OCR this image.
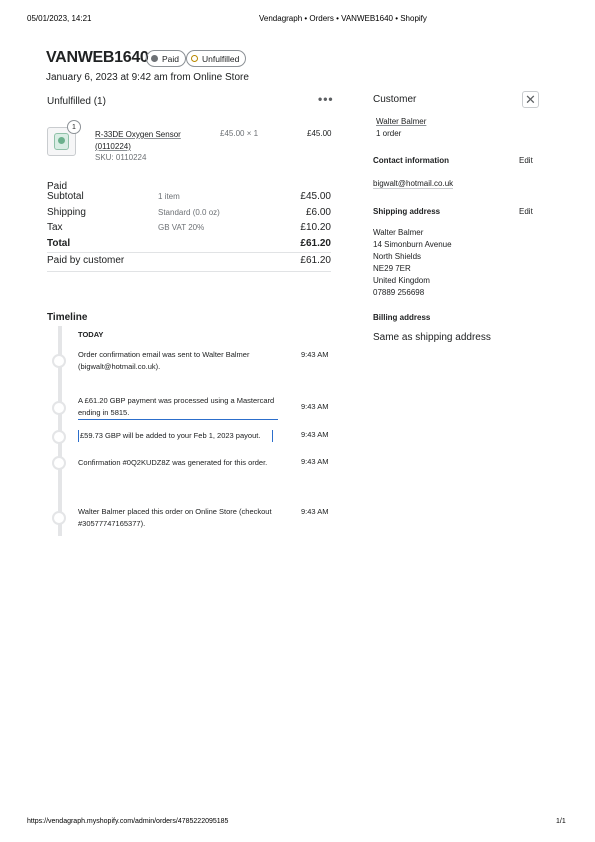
05/01/2023, 14:21	Vendagraph • Orders • VANWEB1640 • Shopify
VANWEB1640 Paid	Unfulfilled
January 6, 2023 at 9:42 am from Online Store
Unfulfilled (1)	•••
1
R-33DE Oxygen Sensor (0110224)
SKU: 0110224
£45.00 × 1	£45.00
Paid
Subtotal	1 item	£45.00
Shipping	Standard (0.0 oz)	£6.00
Tax	GB VAT 20%	£10.20
Total	£61.20
Paid by customer	£61.20
Timeline
TODAY
Order confirmation email was sent to Walter Balmer (bigwalt@hotmail.co.uk).
9:43 AM
A £61.20 GBP payment was processed using a Mastercard ending in 5815.
9:43 AM
£59.73 GBP will be added to your Feb 1, 2023 payout.	9:43 AM
Confirmation #0Q2KUDZ8Z was generated for this order.	9:43 AM
Walter Balmer placed this order on Online Store (checkout #30577747165377).
9:43 AM
Customer	✕
Walter Balmer
1 order
Contact information	Edit
bigwalt@hotmail.co.uk
Shipping address	Edit
Walter Balmer
14 Simonburn Avenue
North Shields
NE29 7ER
United Kingdom
07889 256698
Billing address
Same as shipping address
https://vendagraph.myshopify.com/admin/orders/4785222095185	1/1
